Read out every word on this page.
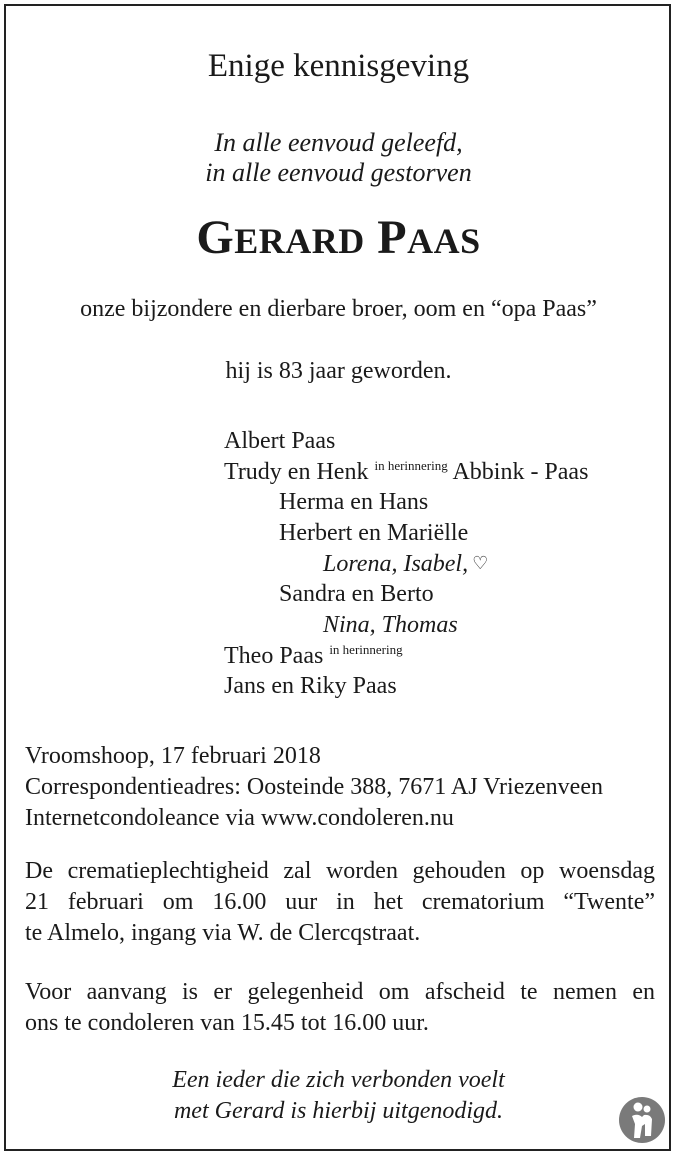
Enige kennisgeving
In alle eenvoud geleefd,
in alle eenvoud gestorven
GERARD PAAS
onze bijzondere en dierbare broer, oom en “opa Paas”
hij is 83 jaar geworden.
Albert Paas
Trudy en Henk $^{in herinnering}$ Abbink - Paas
Herma en Hans
Herbert en Mariëlle
Lorena, Isabel, ♡
Sandra en Berto
Nina, Thomas
Theo Paas $^{in herinnering}$
Jans en Riky Paas
Vroomshoop, 17 februari 2018
Correspondentieadres: Oosteinde 388, 7671 AJ Vriezenveen
Internetcondoleance via www.condoleren.nu
De crematieplechtigheid zal worden gehouden op woensdag
21 februari om 16.00 uur in het crematorium “Twente”
te Almelo, ingang via W. de Clercqstraat.
Voor aanvang is er gelegenheid om afscheid te nemen en
ons te condoleren van 15.45 tot 16.00 uur.
Een ieder die zich verbonden voelt
met Gerard is hierbij uitgenodigd.
